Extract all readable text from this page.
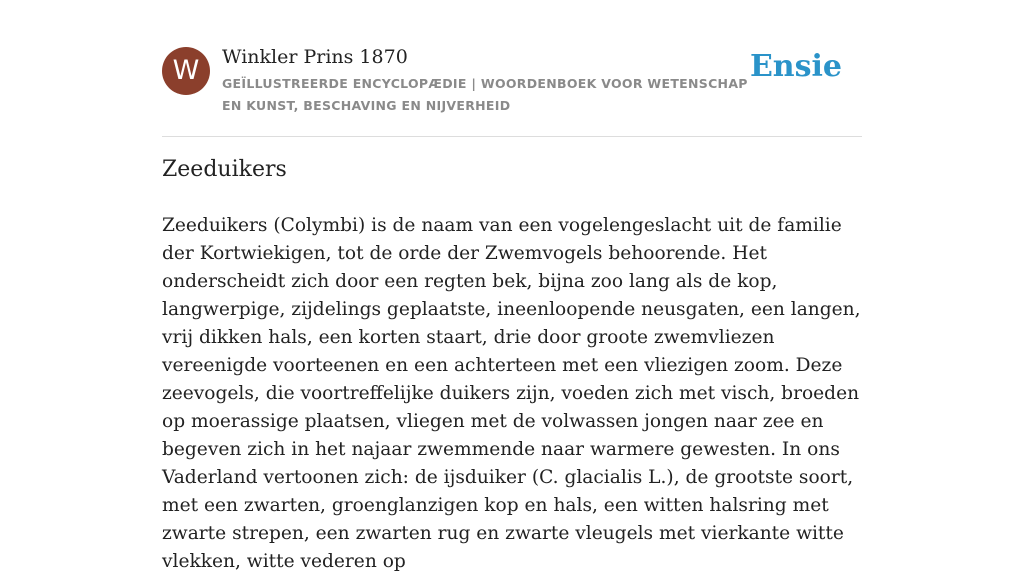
W	Winkler Prins 1870
GEÏLLUSTREERDE ENCYCLOPÆDIE | WOORDENBOEK VOOR WETENSCHAP EN KUNST, BESCHAVING EN NIJVERHEID
Ensie
Zeeduikers

Zeeduikers (Colymbi) is de naam van een vogelengeslacht uit de familie der Kortwiekigen, tot de orde der Zwemvogels behoorende. Het onderscheidt zich door een regten bek, bijna zoo lang als de kop, langwerpige, zijdelings geplaatste, ineenloopende neusgaten, een langen, vrij dikken hals, een korten staart, drie door groote zwemvliezen vereenigde voorteenen en een achterteen met een vliezigen zoom. Deze zeevogels, die voortreffelijke duikers zijn, voeden zich met visch, broeden op moerassige plaatsen, vliegen met de volwassen jongen naar zee en begeven zich in het najaar zwemmende naar warmere gewesten. In ons Vaderland vertoonen zich: de ijsduiker (C. glacialis L.), de grootste soort, met een zwarten, groenglanzigen kop en hals, een witten halsring met zwarte strepen, een zwarten rug en zwarte vleugels met vierkante witte vlekken, witte vederen op
